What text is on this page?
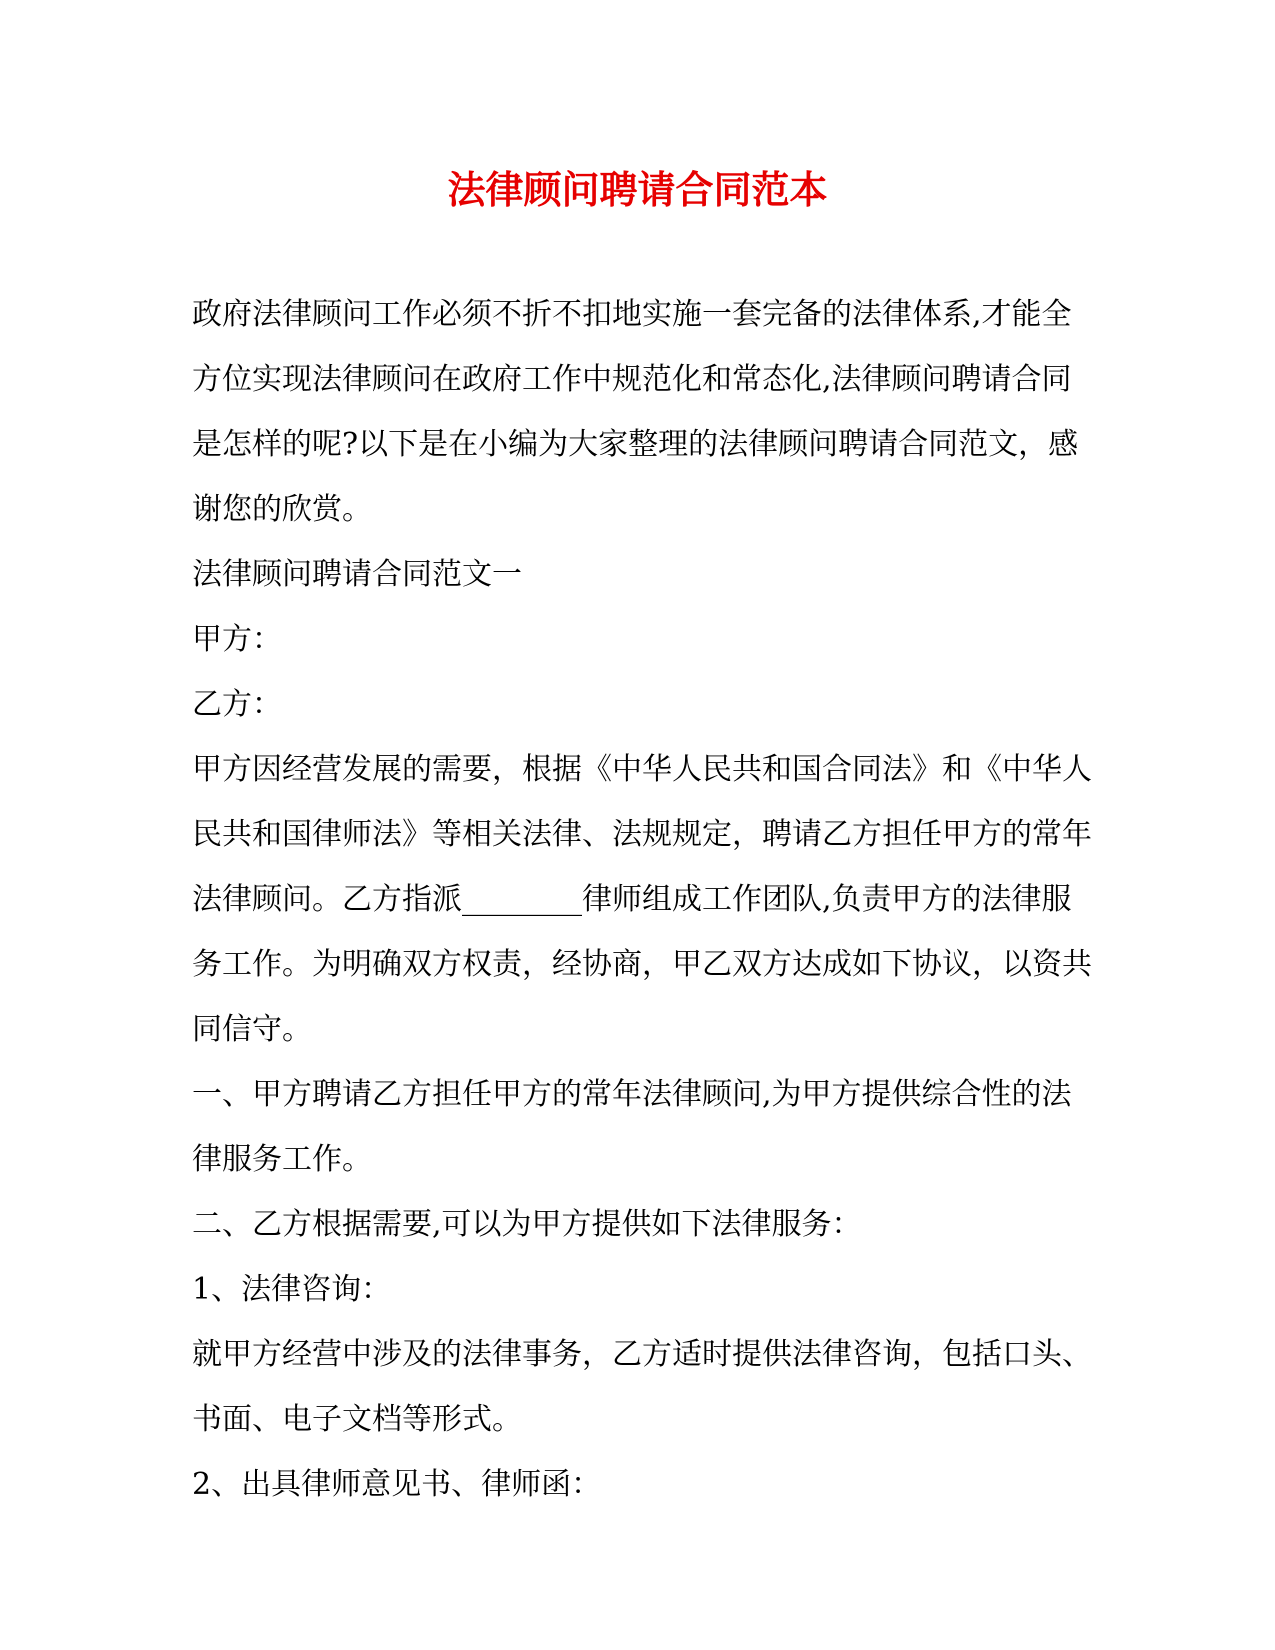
法律顾问聘请合同范本

政府法律顾问工作必须不折不扣地实施一套完备的法律体系,才能全方位实现法律顾问在政府工作中规范化和常态化,法律顾问聘请合同是怎样的呢?以下是在小编为大家整理的法律顾问聘请合同范文，感谢您的欣赏。

法律顾问聘请合同范文一

甲方：

乙方：

甲方因经营发展的需要，根据《中华人民共和国合同法》和《中华人民共和国律师法》等相关法律、法规规定，聘请乙方担任甲方的常年法律顾问。乙方指派________律师组成工作团队,负责甲方的法律服务工作。为明确双方权责，经协商，甲乙双方达成如下协议，以资共同信守。

一、甲方聘请乙方担任甲方的常年法律顾问,为甲方提供综合性的法律服务工作。

二、乙方根据需要,可以为甲方提供如下法律服务：

1、法律咨询：

就甲方经营中涉及的法律事务，乙方适时提供法律咨询，包括口头、书面、电子文档等形式。

2、出具律师意见书、律师函：
